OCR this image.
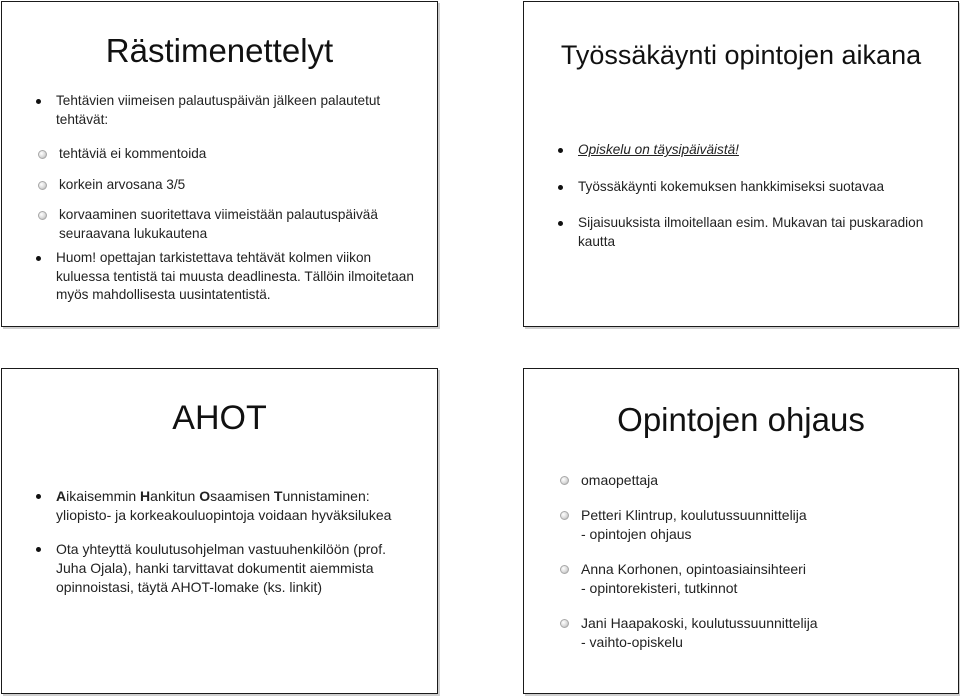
Rästimenettelyt

Tehtävien viimeisen palautuspäivän jälkeen palautetut tehtävät:

tehtäviä ei kommentoida

korkein arvosana 3/5

korvaaminen suoritettava viimeistään palautuspäivää seuraavana lukukautena

Huom! opettajan tarkistettava tehtävät kolmen viikon kuluessa tentistä tai muusta deadlinesta. Tällöin ilmoitetaan myös mahdollisesta uusintatentistä.

Työssäkäynti opintojen aikana

Opiskelu on täysipäiväistä!

Työssäkäynti kokemuksen hankkimiseksi suotavaa

Sijaisuuksista ilmoitellaan esim. Mukavan tai puskaradion kautta

AHOT

Aikaisemmin Hankitun Osaamisen Tunnistaminen: yliopisto- ja korkeakouluopintoja voidaan hyväksilukea

Ota yhteyttä koulutusohjelman vastuuhenkilöön (prof. Juha Ojala), hanki tarvittavat dokumentit aiemmista opinnoistasi, täytä AHOT-lomake (ks. linkit)

Opintojen ohjaus

omaopettaja

Petteri Klintrup, koulutussuunnittelija
- opintojen ohjaus

Anna Korhonen, opintoasiainsihteeri
- opintorekisteri, tutkinnot

Jani Haapakoski, koulutussuunnittelija
- vaihto-opiskelu
